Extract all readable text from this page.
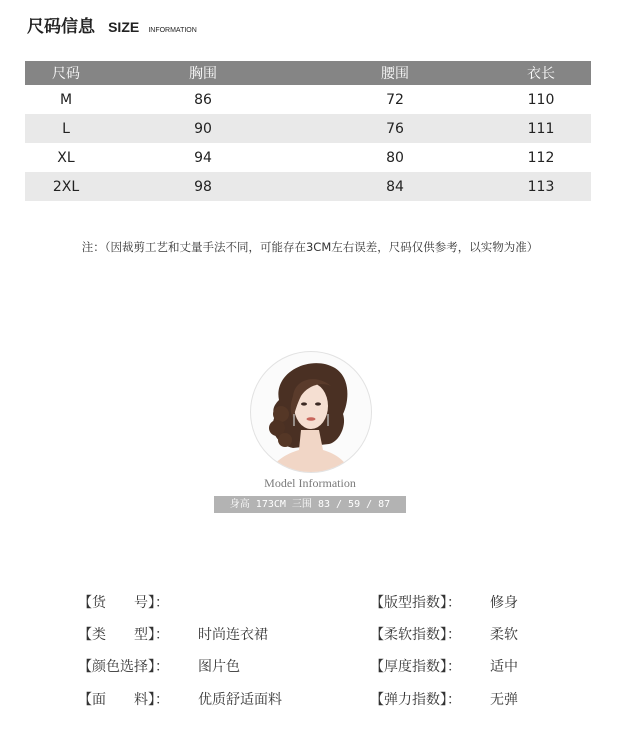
尺码信息 SIZE INFORMATION
尺码	胸围	腰围	衣长
M	86	72	110
L	90	76	111
XL	94	80	112
2XL	98	84	113
注：（因裁剪工艺和丈量手法不同，可能存在3CM左右误差，尺码仅供参考，以实物为准）
Model Information
身高 173CM 三围 83 / 59 / 87
【货　　号】：
【类　　型】： 时尚连衣裙
【颜色选择】： 图片色
【面　　料】： 优质舒适面料
【版型指数】： 修身
【柔软指数】： 柔软
【厚度指数】： 适中
【弹力指数】： 无弹
